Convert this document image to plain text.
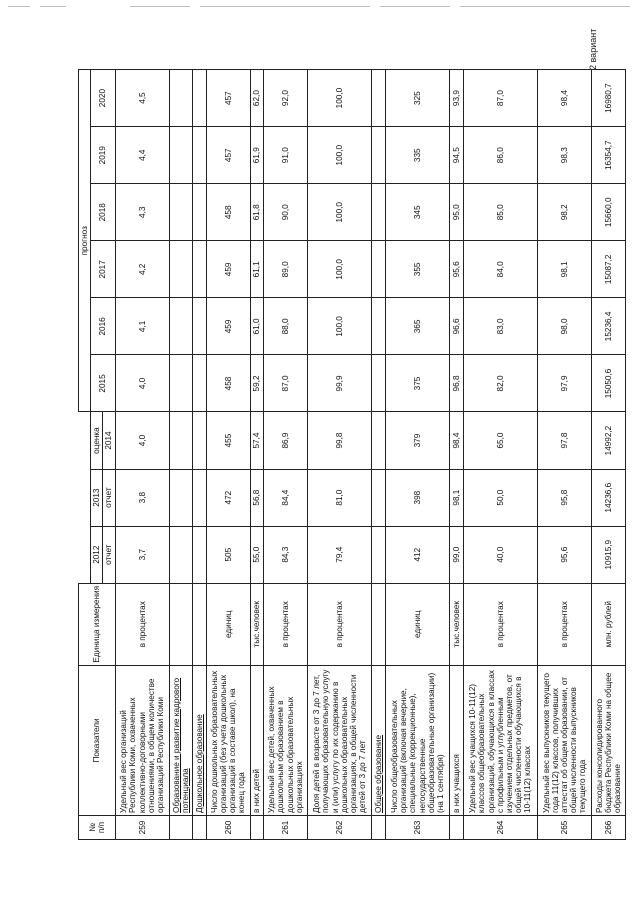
2 вариант
№
п/п	Показатели	Единица измерения				прогноз					
			2012	2013	оценка	2015	2016	2017	2018	2019	2020
			отчет	отчет	2014						
259	Удельный вес организаций Республики Коми, охваченных коллективно-договорными отношениями, в общем количестве организаций Республики Коми	в процентах	3,7	3,8	4,0	4,0	4,1	4,2	4,3	4,4	4,5
	Образование и развитие кадрового потенциала										
	Дошкольное образование										
260	Число дошкольных образовательных организаций (без учета дошкольных организаций в составе школ), на конец года	единиц	505	472	455	458	459	459	458	457	457
	в них детей	тыс.человек	55,0	56,8	57,4	59,2	61,0	61,1	61,8	61,9	62,0
261	Удельный вес детей, охваченных дошкольным образованием в дошкольных образовательных организациях	в процентах	84,3	84,4	86,9	87,0	88,0	89,0	90,0	91,0	92,0
262	Доля детей в возрасте от 3 до 7 лет, получающих образовательную услугу и (или) услугу по их содержанию в дошкольных образовательных организациях, в общей численности детей от 3 до 7 лет	в процентах	79,4	81,0	99,8	99,9	100,0	100,0	100,0	100,0	100,0
	Общее образование										
263	Число общеобразовательных организаций (включая вечерние, специальные (коррекционные), негосударственные общеобразовательные организации) (на 1 сентября)	единиц	412	398	379	375	365	355	345	335	325
	в них учащихся	тыс.человек	99,0	98,1	98,4	96,8	96,6	95,6	95,0	94,5	93,9
264	Удельный вес учащихся 10-11(12) классов общеобразовательных организаций, обучающихся в классах с профильным и углубленным изучением отдельных предметов, от общей численности обучающихся в 10-11(12) классах	в процентах	40,0	50,0	65,0	82,0	83,0	84,0	85,0	86,0	87,0
265	Удельный вес выпускников текущего года 11(12) классов, получивших аттестат об общем образовании, от общей численности выпускников текущего года	в процентах	95,6	95,8	97,8	97,9	98,0	98,1	98,2	98,3	98,4
266	Расходы консолидированного бюджета Республики Коми на общее образование	млн. рублей	10915,9	14236,6	14992,2	15050,6	15236,4	15087,2	15660,0	16354,7	16980,7
